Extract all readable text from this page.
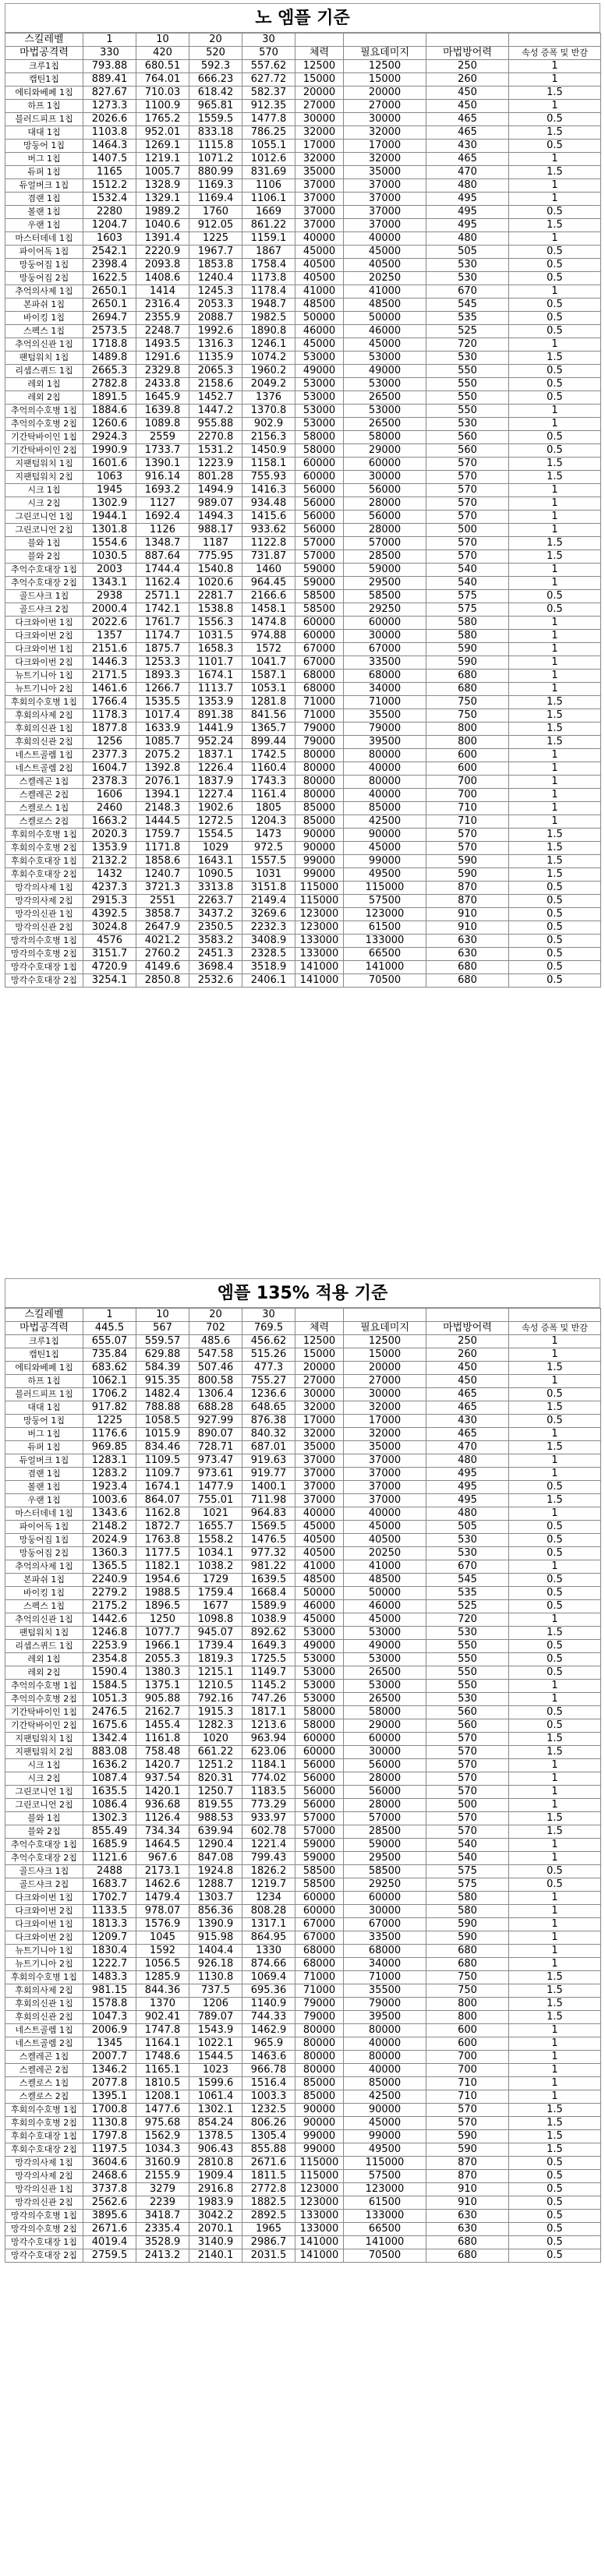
노 엠플 기준
스킬레벨	1	10	20	30				
마법공격력	330	420	520	570	체력	필요데미지	마법방어력	속성 증폭 및 반감
크루1칩	793.88	680.51	592.3	557.62	12500	12500	250	1
캡틴1칩	889.41	764.01	666.23	627.72	15000	15000	260	1
에티와베페 1칩	827.67	710.03	618.42	582.37	20000	20000	450	1.5
하프 1칩	1273.3	1100.9	965.81	912.35	27000	27000	450	1
블러드피프 1칩	2026.6	1765.2	1559.5	1477.8	30000	30000	465	0.5
대대 1칩	1103.8	952.01	833.18	786.25	32000	32000	465	1.5
망둥어 1칩	1464.3	1269.1	1115.8	1055.1	17000	17000	430	0.5
버그 1칩	1407.5	1219.1	1071.2	1012.6	32000	32000	465	1
듀퍼 1칩	1165	1005.7	880.99	831.69	35000	35000	470	1.5
듀얼버크 1칩	1512.2	1328.9	1169.3	1106	37000	37000	480	1
겸랜 1칩	1532.4	1329.1	1169.4	1106.1	37000	37000	495	1
볼랜 1칩	2280	1989.2	1760	1669	37000	37000	495	0.5
우랜 1칩	1204.7	1040.6	912.05	861.22	37000	37000	495	1.5
마스터데네 1칩	1603	1391.4	1225	1159.1	40000	40000	480	1
파이어독 1칩	2542.1	2220.9	1967.7	1867	45000	45000	505	0.5
망둥어집 1칩	2398.4	2093.8	1853.8	1758.4	40500	40500	530	0.5
망둥어집 2칩	1622.5	1408.6	1240.4	1173.8	40500	20250	530	0.5
추억의사제 1칩	2650.1	1414	1245.3	1178.4	41000	41000	670	1
본파쉬 1칩	2650.1	2316.4	2053.3	1948.7	48500	48500	545	0.5
바이킹 1칩	2694.7	2355.9	2088.7	1982.5	50000	50000	535	0.5
스펙스 1칩	2573.5	2248.7	1992.6	1890.8	46000	46000	525	0.5
추억의신관 1칩	1718.8	1493.5	1316.3	1246.1	45000	45000	720	1
팬텀워치 1칩	1489.8	1291.6	1135.9	1074.2	53000	53000	530	1.5
리셉스퀴드 1칩	2665.3	2329.8	2065.3	1960.2	49000	49000	550	0.5
레외 1칩	2782.8	2433.8	2158.6	2049.2	53000	53000	550	0.5
레외 2칩	1891.5	1645.9	1452.7	1376	53000	26500	550	0.5
추억의수호병 1칩	1884.6	1639.8	1447.2	1370.8	53000	53000	550	1
추억의수호병 2칩	1260.6	1089.8	955.88	902.9	53000	26500	530	1
기간탁바이인 1칩	2924.3	2559	2270.8	2156.3	58000	58000	560	0.5
기간탁바이인 2칩	1990.9	1733.7	1531.2	1450.9	58000	29000	560	0.5
지팬텀워치 1칩	1601.6	1390.1	1223.9	1158.1	60000	60000	570	1.5
지팬텀워치 2칩	1063	916.14	801.28	755.93	60000	30000	570	1.5
시크 1칩	1945	1693.2	1494.9	1416.3	56000	56000	570	1
시크 2칩	1302.9	1127	989.07	934.48	56000	28000	570	1
그린코니언 1칩	1944.1	1692.4	1494.3	1415.6	56000	56000	570	1
그린코니언 2칩	1301.8	1126	988.17	933.62	56000	28000	500	1
블와 1칩	1554.6	1348.7	1187	1122.8	57000	57000	570	1.5
블와 2칩	1030.5	887.64	775.95	731.87	57000	28500	570	1.5
추억수호대장 1칩	2003	1744.4	1540.8	1460	59000	59000	540	1
추억수호대장 2칩	1343.1	1162.4	1020.6	964.45	59000	29500	540	1
골드샤크 1칩	2938	2571.1	2281.7	2166.6	58500	58500	575	0.5
골드샤크 2칩	2000.4	1742.1	1538.8	1458.1	58500	29250	575	0.5
다크와이번 1칩	2022.6	1761.7	1556.3	1474.8	60000	60000	580	1
다크와이번 2칩	1357	1174.7	1031.5	974.88	60000	30000	580	1
다크와이번 1칩	2151.6	1875.7	1658.3	1572	67000	67000	590	1
다크와이번 2칩	1446.3	1253.3	1101.7	1041.7	67000	33500	590	1
뉴트기니아 1칩	2171.5	1893.3	1674.1	1587.1	68000	68000	680	1
뉴트기니아 2칩	1461.6	1266.7	1113.7	1053.1	68000	34000	680	1
후회의수호병 1칩	1766.4	1535.5	1353.9	1281.8	71000	71000	750	1.5
후회의사제 2칩	1178.3	1017.4	891.38	841.56	71000	35500	750	1.5
후회의신관 1칩	1877.8	1633.9	1441.9	1365.7	79000	79000	800	1.5
후회의신관 2칩	1256	1085.7	952.24	899.44	79000	39500	800	1.5
네스트골렘 1칩	2377.3	2075.2	1837.1	1742.5	80000	80000	600	1
네스트골렘 2칩	1604.7	1392.8	1226.4	1160.4	80000	40000	600	1
스켈레곤 1칩	2378.3	2076.1	1837.9	1743.3	80000	80000	700	1
스켈레곤 2칩	1606	1394.1	1227.4	1161.4	80000	40000	700	1
스켈로스 1칩	2460	2148.3	1902.6	1805	85000	85000	710	1
스켈로스 2칩	1663.2	1444.5	1272.5	1204.3	85000	42500	710	1
후회의수호병 1칩	2020.3	1759.7	1554.5	1473	90000	90000	570	1.5
후회의수호병 2칩	1353.9	1171.8	1029	972.5	90000	45000	570	1.5
후회수호대장 1칩	2132.2	1858.6	1643.1	1557.5	99000	99000	590	1.5
후회수호대장 2칩	1432	1240.7	1090.5	1031	99000	49500	590	1.5
망각의사제 1칩	4237.3	3721.3	3313.8	3151.8	115000	115000	870	0.5
망각의사제 2칩	2915.3	2551	2263.7	2149.4	115000	57500	870	0.5
망각의신관 1칩	4392.5	3858.7	3437.2	3269.6	123000	123000	910	0.5
망각의신관 2칩	3024.8	2647.9	2350.5	2232.3	123000	61500	910	0.5
망각의수호병 1칩	4576	4021.2	3583.2	3408.9	133000	133000	630	0.5
망각의수호병 2칩	3151.7	2760.2	2451.3	2328.5	133000	66500	630	0.5
망각수호대장 1칩	4720.9	4149.6	3698.4	3518.9	141000	141000	680	0.5
망각수호대장 2칩	3254.1	2850.8	2532.6	2406.1	141000	70500	680	0.5
엠플 135% 적용 기준
스킬레벨	1	10	20	30				
마법공격력	445.5	567	702	769.5	체력	필요데미지	마법방어력	속성 증폭 및 반감
크루1칩	655.07	559.57	485.6	456.62	12500	12500	250	1
캡틴1칩	735.84	629.88	547.58	515.26	15000	15000	260	1
에티와베페 1칩	683.62	584.39	507.46	477.3	20000	20000	450	1.5
하프 1칩	1062.1	915.35	800.58	755.27	27000	27000	450	1
블러드피프 1칩	1706.2	1482.4	1306.4	1236.6	30000	30000	465	0.5
대대 1칩	917.82	788.88	688.28	648.65	32000	32000	465	1.5
망둥어 1칩	1225	1058.5	927.99	876.38	17000	17000	430	0.5
버그 1칩	1176.6	1015.9	890.07	840.32	32000	32000	465	1
듀퍼 1칩	969.85	834.46	728.71	687.01	35000	35000	470	1.5
듀얼버크 1칩	1283.1	1109.5	973.47	919.63	37000	37000	480	1
겸랜 1칩	1283.2	1109.7	973.61	919.77	37000	37000	495	1
볼랜 1칩	1923.4	1674.1	1477.9	1400.1	37000	37000	495	0.5
우랜 1칩	1003.6	864.07	755.01	711.98	37000	37000	495	1.5
마스터데네 1칩	1343.6	1162.8	1021	964.83	40000	40000	480	1
파이어독 1칩	2148.2	1872.7	1655.7	1569.5	45000	45000	505	0.5
망둥어집 1칩	2024.9	1763.8	1558.2	1476.5	40500	40500	530	0.5
망둥어집 2칩	1360.3	1177.5	1034.1	977.32	40500	20250	530	0.5
추억의사제 1칩	1365.5	1182.1	1038.2	981.22	41000	41000	670	1
본파쉬 1칩	2240.9	1954.6	1729	1639.5	48500	48500	545	0.5
바이킹 1칩	2279.2	1988.5	1759.4	1668.4	50000	50000	535	0.5
스펙스 1칩	2175.2	1896.5	1677	1589.9	46000	46000	525	0.5
추억의신관 1칩	1442.6	1250	1098.8	1038.9	45000	45000	720	1
팬텀워치 1칩	1246.8	1077.7	945.07	892.62	53000	53000	530	1.5
리셉스퀴드 1칩	2253.9	1966.1	1739.4	1649.3	49000	49000	550	0.5
레외 1칩	2354.8	2055.3	1819.3	1725.5	53000	53000	550	0.5
레외 2칩	1590.4	1380.3	1215.1	1149.7	53000	26500	550	0.5
추억의수호병 1칩	1584.5	1375.1	1210.5	1145.2	53000	53000	550	1
추억의수호병 2칩	1051.3	905.88	792.16	747.26	53000	26500	530	1
기간탁바이인 1칩	2476.5	2162.7	1915.3	1817.1	58000	58000	560	0.5
기간탁바이인 2칩	1675.6	1455.4	1282.3	1213.6	58000	29000	560	0.5
지팬텀워치 1칩	1342.4	1161.8	1020	963.94	60000	60000	570	1.5
지팬텀워치 2칩	883.08	758.48	661.22	623.06	60000	30000	570	1.5
시크 1칩	1636.2	1420.7	1251.2	1184.1	56000	56000	570	1
시크 2칩	1087.4	937.54	820.31	774.02	56000	28000	570	1
그린코니언 1칩	1635.5	1420.1	1250.7	1183.5	56000	56000	570	1
그린코니언 2칩	1086.4	936.68	819.55	773.29	56000	28000	500	1
블와 1칩	1302.3	1126.4	988.53	933.97	57000	57000	570	1.5
블와 2칩	855.49	734.34	639.94	602.78	57000	28500	570	1.5
추억수호대장 1칩	1685.9	1464.5	1290.4	1221.4	59000	59000	540	1
추억수호대장 2칩	1121.6	967.6	847.08	799.43	59000	29500	540	1
골드샤크 1칩	2488	2173.1	1924.8	1826.2	58500	58500	575	0.5
골드샤크 2칩	1683.7	1462.6	1288.7	1219.7	58500	29250	575	0.5
다크와이번 1칩	1702.7	1479.4	1303.7	1234	60000	60000	580	1
다크와이번 2칩	1133.5	978.07	856.36	808.28	60000	30000	580	1
다크와이번 1칩	1813.3	1576.9	1390.9	1317.1	67000	67000	590	1
다크와이번 2칩	1209.7	1045	915.98	864.95	67000	33500	590	1
뉴트기니아 1칩	1830.4	1592	1404.4	1330	68000	68000	680	1
뉴트기니아 2칩	1222.7	1056.5	926.18	874.66	68000	34000	680	1
후회의수호병 1칩	1483.3	1285.9	1130.8	1069.4	71000	71000	750	1.5
후회의사제 2칩	981.15	844.36	737.5	695.36	71000	35500	750	1.5
후회의신관 1칩	1578.8	1370	1206	1140.9	79000	79000	800	1.5
후회의신관 2칩	1047.3	902.41	789.07	744.33	79000	39500	800	1.5
네스트골렘 1칩	2006.9	1747.8	1543.9	1462.9	80000	80000	600	1
네스트골렘 2칩	1345	1164.1	1022.1	965.9	80000	40000	600	1
스켈레곤 1칩	2007.7	1748.6	1544.5	1463.6	80000	80000	700	1
스켈레곤 2칩	1346.2	1165.1	1023	966.78	80000	40000	700	1
스켈로스 1칩	2077.8	1810.5	1599.6	1516.4	85000	85000	710	1
스켈로스 2칩	1395.1	1208.1	1061.4	1003.3	85000	42500	710	1
후회의수호병 1칩	1700.8	1477.6	1302.1	1232.5	90000	90000	570	1.5
후회의수호병 2칩	1130.8	975.68	854.24	806.26	90000	45000	570	1.5
후회수호대장 1칩	1797.8	1562.9	1378.5	1305.4	99000	99000	590	1.5
후회수호대장 2칩	1197.5	1034.3	906.43	855.88	99000	49500	590	1.5
망각의사제 1칩	3604.6	3160.9	2810.8	2671.6	115000	115000	870	0.5
망각의사제 2칩	2468.6	2155.9	1909.4	1811.5	115000	57500	870	0.5
망각의신관 1칩	3737.8	3279	2916.8	2772.8	123000	123000	910	0.5
망각의신관 2칩	2562.6	2239	1983.9	1882.5	123000	61500	910	0.5
망각의수호병 1칩	3895.6	3418.7	3042.2	2892.5	133000	133000	630	0.5
망각의수호병 2칩	2671.6	2335.4	2070.1	1965	133000	66500	630	0.5
망각수호대장 1칩	4019.4	3528.9	3140.9	2986.7	141000	141000	680	0.5
망각수호대장 2칩	2759.5	2413.2	2140.1	2031.5	141000	70500	680	0.5
